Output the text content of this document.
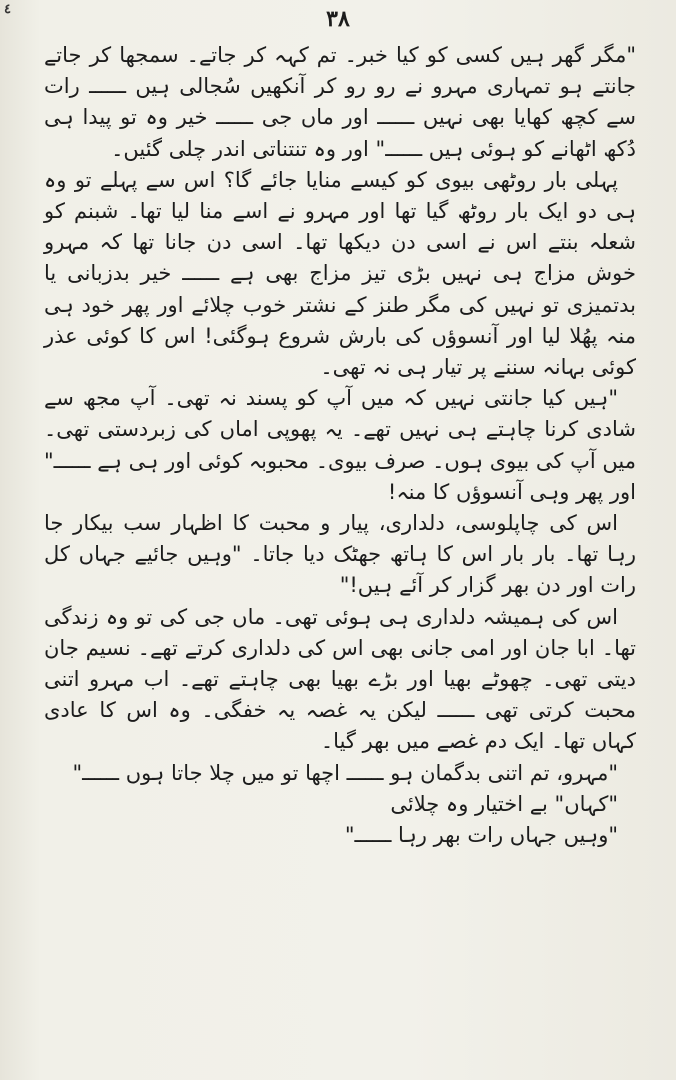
٤	۳۸

"مگر گھر ہیں کسی کو کیا خبر۔ تم کہہ کر جاتے۔ سمجھا کر جاتے جانتے ہو تمہاری مہرو نے رو رو کر آنکھیں سُجالی ہیں ــــــ رات سے کچھ کھایا بھی نہیں ــــــ اور ماں جی ــــــ خیر وہ تو پیدا ہی دُکھ اٹھانے کو ہوئی ہیں ــــــ" اور وہ تنتناتی اندر چلی گئیں۔

پہلی بار روٹھی بیوی کو کیسے منایا جائے گا؟ اس سے پہلے تو وہ ہی دو ایک بار روٹھ گیا تھا اور مہرو نے اسے منا لیا تھا۔ شبنم کو شعلہ بنتے اس نے اسی دن دیکھا تھا۔ اسی دن جانا تھا کہ مہرو خوش مزاج ہی نہیں بڑی تیز مزاج بھی ہے ــــــ خیر بدزبانی یا بدتمیزی تو نہیں کی مگر طنز کے نشتر خوب چلائے اور پھر خود ہی منہ پھُلا لیا اور آنسوؤں کی بارش شروع ہوگئی! اس کا کوئی عذر کوئی بہانہ سننے پر تیار ہی نہ تھی۔

"ہیں کیا جانتی نہیں کہ میں آپ کو پسند نہ تھی۔ آپ مجھ سے شادی کرنا چاہتے ہی نہیں تھے۔ یہ پھوپی اماں کی زبردستی تھی۔ میں آپ کی بیوی ہوں۔ صرف بیوی۔ محبوبہ کوئی اور ہی ہے ــــــ" اور پھر وہی آنسوؤں کا منہ!

اس کی چاپلوسی، دلداری، پیار و محبت کا اظہار سب بیکار جا رہا تھا۔ بار بار اس کا ہاتھ جھٹک دیا جاتا۔ "وہیں جائیے جہاں کل رات اور دن بھر گزار کر آئے ہیں!"

اس کی ہمیشہ دلداری ہی ہوئی تھی۔ ماں جی کی تو وہ زندگی تھا۔ ابا جان اور امی جانی بھی اس کی دلداری کرتے تھے۔ نسیم جان دیتی تھی۔ چھوٹے بھیا اور بڑے بھیا بھی چاہتے تھے۔ اب مہرو اتنی محبت کرتی تھی ــــــ لیکن یہ غصہ یہ خفگی۔ وہ اس کا عادی کہاں تھا۔ ایک دم غصے میں بھر گیا۔

"مہرو، تم اتنی بدگمان ہو ــــــ اچھا تو میں چلا جاتا ہوں ــــــ"

"کہاں" بے اختیار وہ چلائی

"وہیں جہاں رات بھر رہا ــــــ"
